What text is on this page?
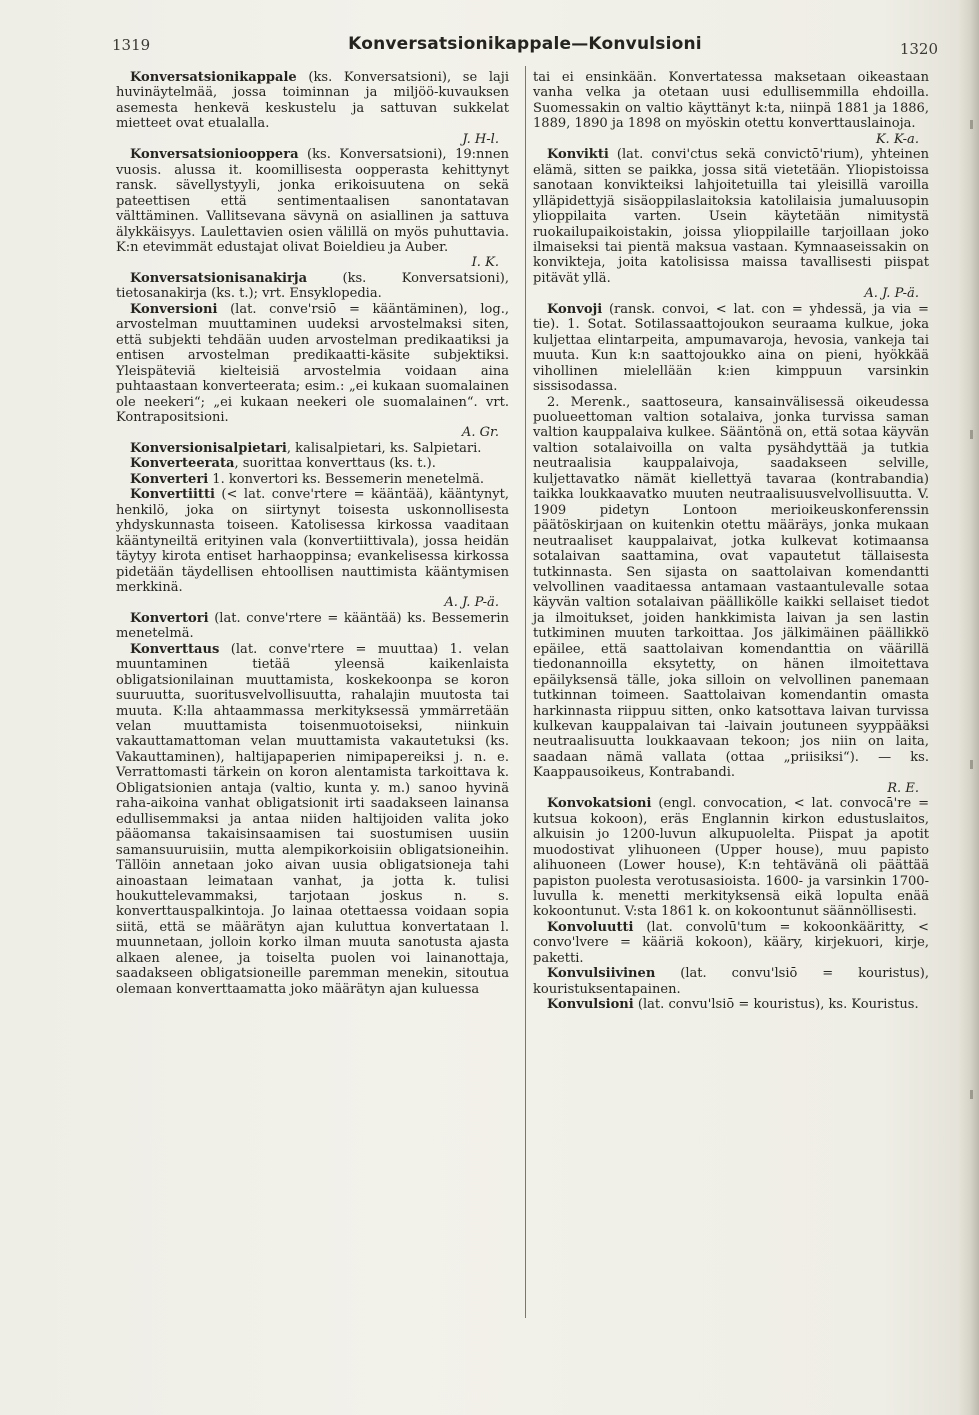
1319	Konversatsionikappale—Konvulsioni	1320

Konversatsionikappale (ks. Konversatsioni), se laji huvinäytelmää, jossa toiminnan ja miljöö-kuvauksen asemesta henkevä keskustelu ja sattuvan sukkelat mietteet ovat etualalla.

J. H-l.

Konversatsionioopperа (ks. Konversatsioni), 19:nnen vuosis. alussa it. koomillisesta oopperasta kehittynyt ransk. sävellystyyli, jonka erikoisuutena on sekä pateettisen että sentimentaalisen sanontatavan välttäminen. Vallitsevana sävynä on asiallinen ja sattuva älykkäisyys. Laulettavien osien välillä on myös puhuttavia. K:n etevimmät edustajat olivat Boieldieu ja Auber.

I. K.

Konversatsionisanakirja (ks. Konversatsioni), tietosanakirja (ks. t.); vrt. Ensyklopedia.

Konversioni (lat. conve'rsiō = kääntäminen), log., arvostelman muuttaminen uudeksi arvostelmaksi siten, että subjekti tehdään uuden arvostelman predikaatiksi ja entisen arvostelman predikaatti-käsite subjektiksi. Yleispäteviä kielteisiä arvostelmia voidaan aina puhtaastaan konverteerata; esim.: „ei kukaan suomalainen ole neekeri“; „ei kukaan neekeri ole suomalainen“. vrt. Kontrapositsioni.

A. Gr.

Konversionisalpietari, kalisalpietari, ks. Salpietari.

Konverteerata, suorittaa konverttaus (ks. t.).

Konverteri 1. konvertori ks. Bessemerin menetelmä.

Konvertiitti (< lat. conve'rtere = kääntää), kääntynyt, henkilö, joka on siirtynyt toisesta uskonnollisesta yhdyskunnasta toiseen. Katolisessa kirkossa vaaditaan kääntyneiltä erityinen vala (konvertiittivala), jossa heidän täytyy kirota entiset harhaoppinsa; evankelisessa kirkossa pidetään täydellisen ehtoollisen nauttimista kääntymisen merkkinä.

A. J. P-ä.

Konvertori (lat. conve'rtere = kääntää) ks. Bessemerin menetelmä.

Konverttaus (lat. conve'rtere = muuttaa) 1. velan muuntaminen tietää yleensä kaikenlaista obligatsionilainan muuttamista, koskekoonpa se koron suuruutta, suoritusvelvollisuutta, rahalajin muutosta tai muuta. K:lla ahtaammassa merkityksessä ymmärretään velan muuttamista toisenmuotoiseksi, niinkuin vakauttamattoman velan muuttamista vakautetuksi (ks. Vakauttaminen), haltijapaperien nimipapereiksi j. n. e. Verrattomasti tärkein on koron alentamista tarkoittava k. Obligatsionien antaja (valtio, kunta y. m.) sanoo hyvinä raha-aikoina vanhat obligatsionit irti saadakseen lainansa edullisemmaksi ja antaa niiden haltijoiden valita joko pääomansa takaisinsaamisen tai suostumisen uusiin samansuuruisiin, mutta alempikorkoisiin obligatsioneihin. Tällöin annetaan joko aivan uusia obligatsioneja tahi ainoastaan leimataan vanhat, ja jotta k. tulisi houkuttelevammaksi, tarjotaan joskus n. s. konverttauspalkintoja. Jo lainaa otettaessa voidaan sopia siitä, että se määrätyn ajan kuluttua konvertataan l. muunnetaan, jolloin korko ilman muuta sanotusta ajasta alkaen alenee, ja toiselta puolen voi lainanottaja, saadakseen obligatsioneille paremman menekin, sitoutua olemaan konverttaamatta joko määrätyn ajan kuluessa

tai ei ensinkään. Konvertatessa maksetaan oikeastaan vanha velka ja otetaan uusi edullisemmilla ehdoilla. Suomessakin on valtio käyttänyt k:ta, niinpä 1881 ja 1886, 1889, 1890 ja 1898 on myöskin otettu konverttauslainoja.

K. K-a.

Konvikti (lat. convi'ctus sekä convictō'rium), yhteinen elämä, sitten se paikka, jossa sitä vietetään. Yliopistoissa sanotaan konvikteiksi lahjoitetuilla tai yleisillä varoilla ylläpidettyjä sisäoppilaslaitoksia katolilaisia jumaluusopin ylioppilaita varten. Usein käytetään nimitystä ruokailupaikoistakin, joissa ylioppilaille tarjoillaan joko ilmaiseksi tai pientä maksua vastaan. Kymnaaseissakin on konvikteja, joita katolisissa maissa tavallisesti piispat pitävät yllä.

A. J. P-ä.

Konvoji (ransk. convoi, < lat. con = yhdessä, ja via = tie). 1. Sotat. Sotilassaattojoukon seuraama kulkue, joka kuljettaa elintarpeita, ampumavaroja, hevosia, vankeja tai muuta. Kun k:n saattojoukko aina on pieni, hyökkää vihollinen mielellään k:ien kimppuun varsinkin sissisodassa.

2. Merenk., saattoseura, kansainvälisessä oikeudessa puolueettoman valtion sotalaiva, jonka turvissa saman valtion kauppalaiva kulkee. Sääntönä on, että sotaa käyvän valtion sotalaivoilla on valta pysähdyttää ja tutkia neutraalisia kauppalaivoja, saadakseen selville, kuljettavatko nämät kiellettyä tavaraa (kontrabandia) taikka loukkaavatko muuten neutraalisuusvelvollisuutta. V. 1909 pidetyn Lontoon merioikeuskonferenssin päätöskirjaan on kuitenkin otettu määräys, jonka mukaan neutraaliset kauppalaivat, jotka kulkevat kotimaansa sotalaivan saattamina, ovat vapautetut tällaisesta tutkinnasta. Sen sijasta on saattolaivan komendantti velvollinen vaaditaessa antamaan vastaantulevalle sotaa käyvän valtion sotalaivan päällikölle kaikki sellaiset tiedot ja ilmoitukset, joiden hankkimista laivan ja sen lastin tutkiminen muuten tarkoittaa. Jos jälkimäinen päällikkö epäilee, että saattolaivan komendanttia on väärillä tiedonannoilla eksytetty, on hänen ilmoitettava epäilyksensä tälle, joka silloin on velvollinen panemaan tutkinnan toimeen. Saattolaivan komendantin omasta harkinnasta riippuu sitten, onko katsottava laivan turvissa kulkevan kauppalaivan tai -laivain joutuneen syyppääksi neutraalisuutta loukkaavaan tekoon; jos niin on laita, saadaan nämä vallata (ottaa „priisiksi“). — ks. Kaappausoikeus, Kontrabandi.

R. E.

Konvokatsioni (engl. convocation, < lat. convocā're = kutsua kokoon), eräs Englannin kirkon edustuslaitos, alkuisin jo 1200-luvun alkupuolelta. Piispat ja apotit muodostivat ylihuoneen (Upper house), muu papisto alihuoneen (Lower house), K:n tehtävänä oli päättää papiston puolesta verotusasioista. 1600- ja varsinkin 1700-luvulla k. menetti merkityksensä eikä lopulta enää kokoontunut. V:sta 1861 k. on kokoontunut säännöllisesti.

Konvoluutti (lat. convolū'tum = kokoonkääritty, < convo'lvere = kääriä kokoon), kääry, kirjekuori, kirje, paketti.

Konvulsiivinen (lat. convu'lsiō = kouristus), kouristuksentapainen.

Konvulsioni (lat. convu'lsiō = kouristus), ks. Kouristus.
